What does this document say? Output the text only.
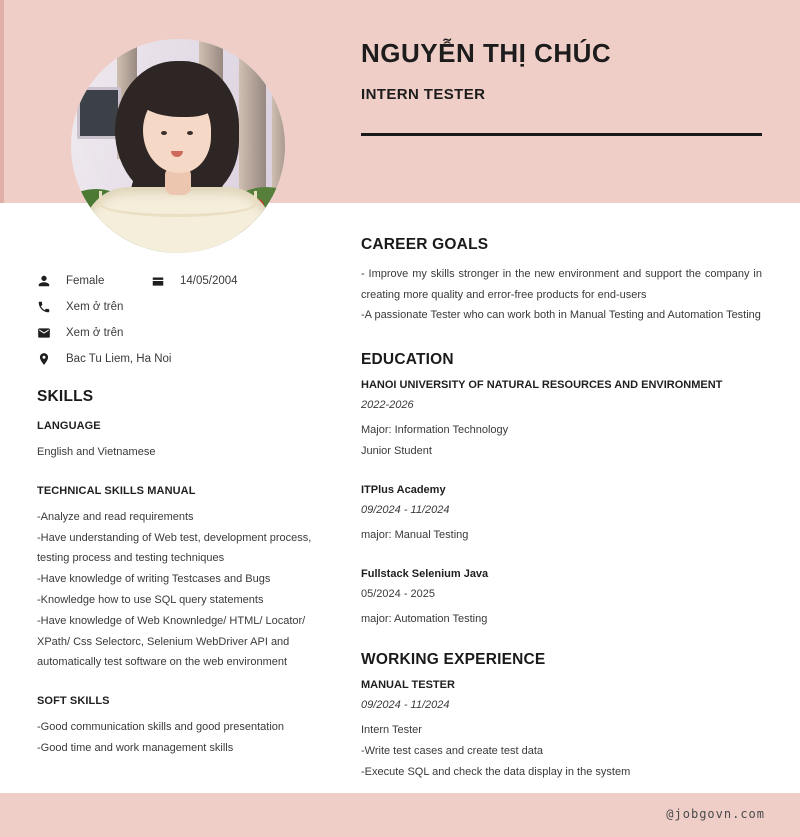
NGUYỄN THỊ CHÚC
INTERN TESTER
Female	14/05/2004
Xem ở trên
Xem ở trên
Bac Tu Liem, Ha Noi
SKILLS
LANGUAGE

English and Vietnamese

TECHNICAL SKILLS MANUAL

-Analyze and read requirements

-Have understanding of Web test, development process, testing process and testing techniques

-Have knowledge of writing Testcases and Bugs

-Knowledge how to use SQL query statements

-Have knowledge of Web Knownledge/ HTML/ Locator/ XPath/ Css Selectorc, Selenium WebDriver API and automatically test software on the web environment

SOFT SKILLS

-Good communication skills and good presentation

-Good time and work management skills

CAREER GOALS

- Improve my skills stronger in the new environment and support the company in creating more quality and error-free products for end-users

-A passionate Tester who can work both in Manual Testing and Automation Testing

EDUCATION
HANOI UNIVERSITY OF NATURAL RESOURCES AND ENVIRONMENT
2022-2026

Major: Information Technology

Junior Student

ITPlus Academy
09/2024 - 11/2024

major: Manual Testing

Fullstack Selenium Java
05/2024 - 2025

major: Automation Testing

WORKING EXPERIENCE
MANUAL TESTER
09/2024 - 11/2024

Intern Tester

-Write test cases and create test data

-Execute SQL and check the data display in the system

@jobgovn.com
